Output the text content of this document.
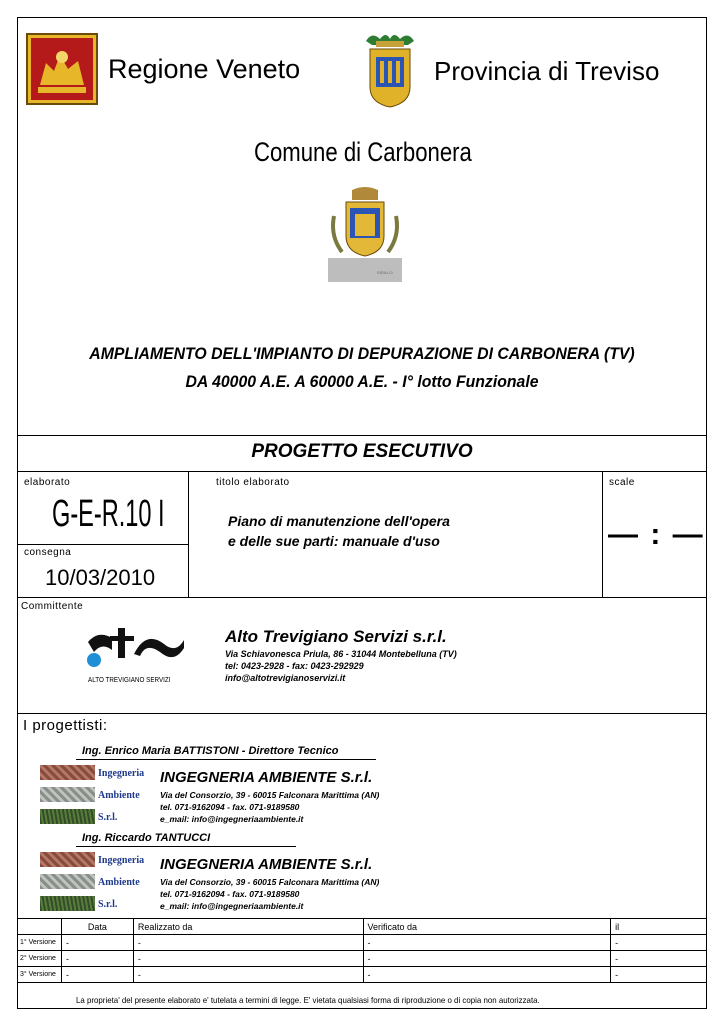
Regione Veneto	Provincia di Treviso
Comune di Carbonera
SIGILLO
AMPLIAMENTO DELL'IMPIANTO DI DEPURAZIONE DI CARBONERA (TV)
DA 40000 A.E. A 60000 A.E. - I° lotto Funzionale
PROGETTO ESECUTIVO
elaborato
G-E-R.10 I
consegna
10/03/2010
titolo elaborato
Piano di manutenzione dell'opera
e delle sue parti: manuale d'uso
scale
— : —
Committente
ALTO TREVIGIANO SERVIZI
Alto Trevigiano Servizi s.r.l.
Via Schiavonesca Priula, 86 - 31044 Montebelluna (TV)
tel: 0423-2928 - fax: 0423-292929
info@altotrevigianoservizi.it
I progettisti:
Ing. Enrico Maria BATTISTONI - Direttore Tecnico
Ingegneria
Ambiente
S.r.l.
INGEGNERIA AMBIENTE S.r.l.
Via del Consorzio, 39 - 60015 Falconara Marittima (AN)
tel. 071-9162094 - fax. 071-9189580
e_mail: info@ingegneriaambiente.it
Ing. Riccardo TANTUCCI
Ingegneria
Ambiente
S.r.l.
INGEGNERIA AMBIENTE S.r.l.
Via del Consorzio, 39 - 60015 Falconara Marittima (AN)
tel. 071-9162094 - fax. 071-9189580
e_mail: info@ingegneriaambiente.it
	Data	Realizzato da	Verificato da	il
1° Versione	-	-	-	-
2° Versione	-	-	-	-
3° Versione	-	-	-	-
La proprieta' del presente elaborato e' tutelata a termini di legge. E' vietata qualsiasi forma di riproduzione o di copia non autorizzata.
